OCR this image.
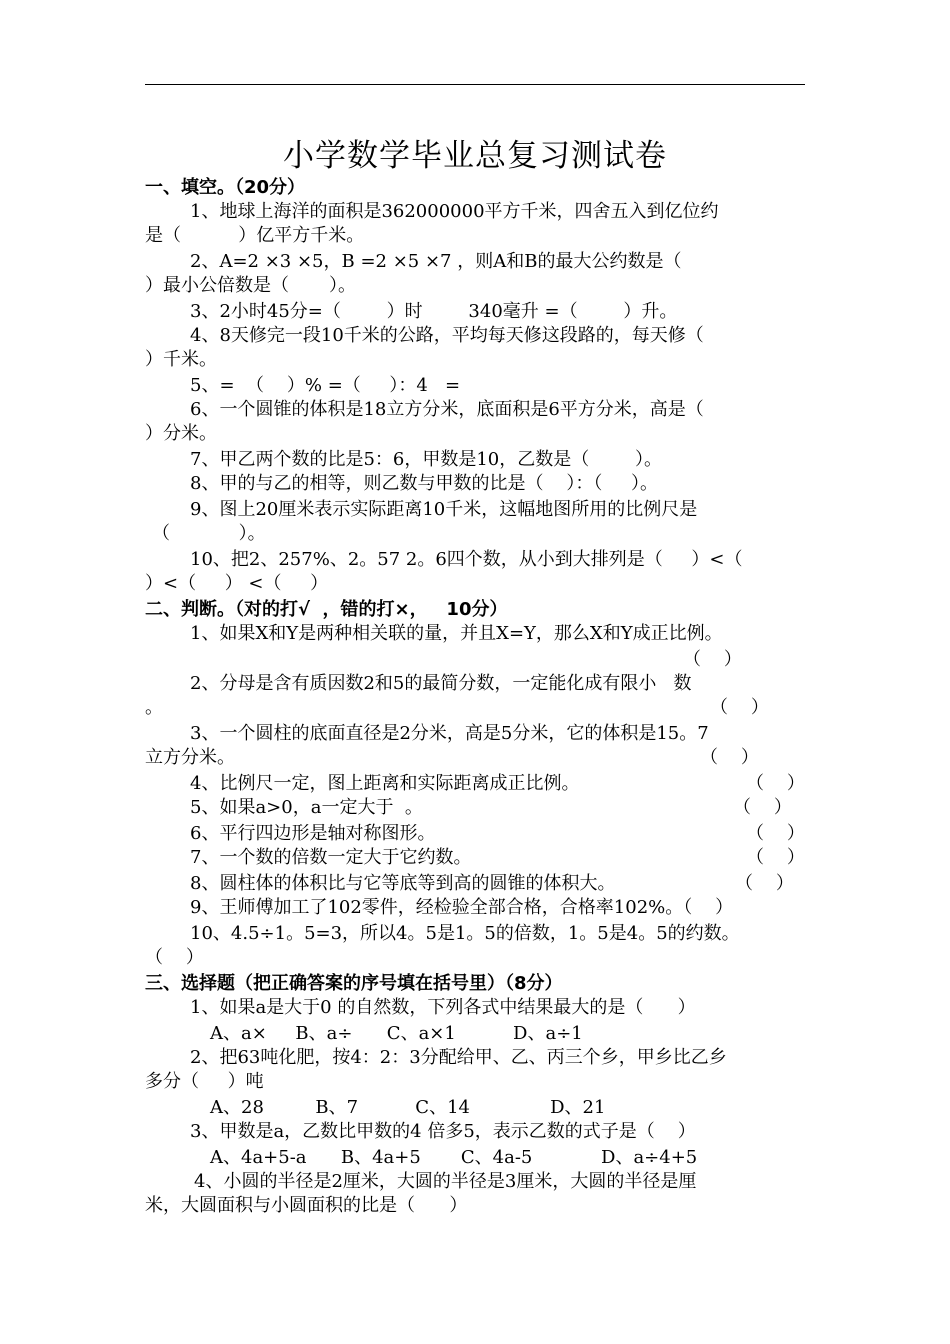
小学数学毕业总复习测试卷
一、填空。（20分）
1、地球上海洋的面积是362000000平方千米，四舍五入到亿位约
是（          ）亿平方千米。
2、A=2 ×3 ×5，B =2 ×5 ×7 ，则A和B的最大公约数是（
）最小公倍数是（       ）。
3、2小时45分=（        ）时        340毫升 =（        ）升。
4、8天修完一段10千米的公路，平均每天修这段路的，每天修（
）千米。
5、=  （    ）% =（     ）：4   =
6、一个圆锥的体积是18立方分米，底面积是6平方分米，高是（
）分米。
7、甲乙两个数的比是5：6，甲数是10，乙数是（        ）。
8、甲的与乙的相等，则乙数与甲数的比是（    ）：（     ）。
9、图上20厘米表示实际距离10千米，这幅地图所用的比例尺是
（            ）。
10、把2、257%、2。57 2。6四个数，从小到大排列是（     ）<（
）<（     ） <（     ）
二、判断。（对的打√  ，错的打×，   10分）
1、如果X和Y是两种相关联的量，并且X=Y，那么X和Y成正比例。
（    ）
2、分母是含有质因数2和5的最简分数，一定能化成有限小   数
。	（    ）
3、一个圆柱的底面直径是2分米，高是5分米，它的体积是15。7
立方分米。	（    ）
4、比例尺一定，图上距离和实际距离成正比例。	（    ）
5、如果a>0，a一定大于  。	（    ）
6、平行四边形是轴对称图形。	（    ）
7、一个数的倍数一定大于它约数。	（    ）
8、圆柱体的体积比与它等底等到高的圆锥的体积大。	（    ）
9、王师傅加工了102零件，经检验全部合格，合格率102%。（    ）
10、4.5÷1。5=3，所以4。5是1。5的倍数，1。5是4。5的约数。
（    ）
三、选择题（把正确答案的序号填在括号里）（8分）
1、如果a是大于0 的自然数，下列各式中结果最大的是（      ）
A、a×     B、a÷      C、a×1          D、a÷1
2、把63吨化肥，按4：2：3分配给甲、乙、丙三个乡，甲乡比乙乡
多分（     ）吨
A、28         B、7          C、14              D、21
3、甲数是a，乙数比甲数的4 倍多5，表示乙数的式子是（    ）
A、4a+5-a      B、4a+5       C、4a-5            D、a÷4+5
4、小圆的半径是2厘米，大圆的半径是3厘米，大圆的半径是厘
米，大圆面积与小圆面积的比是（      ）
